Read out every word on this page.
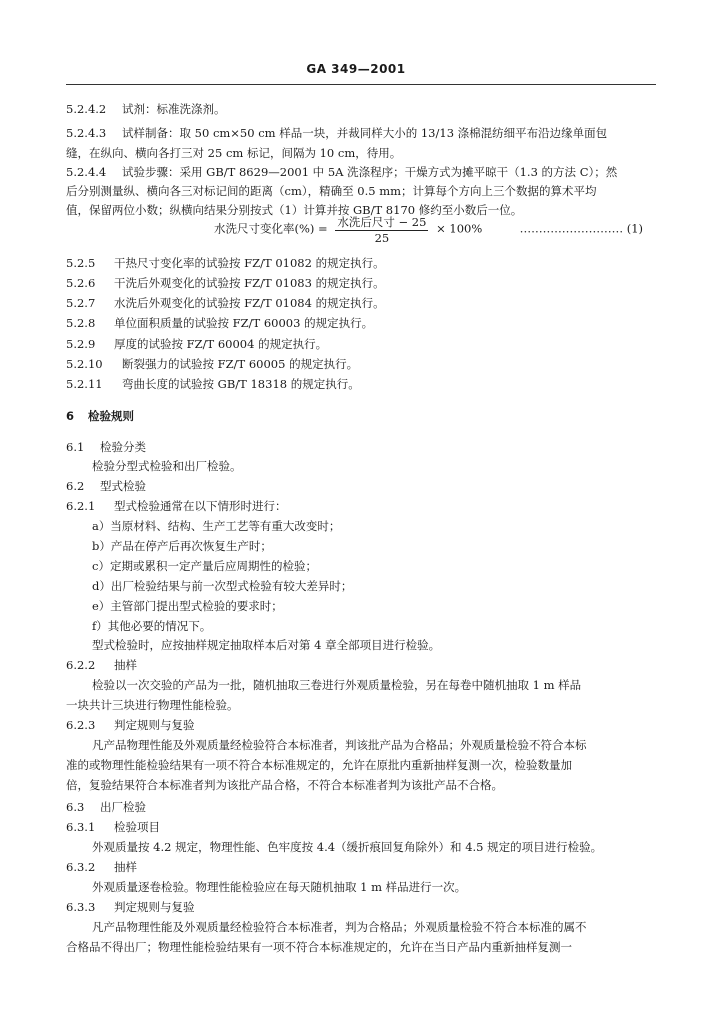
GA 349—2001
5.2.4.2 试剂：标准洗涤剂。
5.2.4.3 试样制备：取 50 cm×50 cm 样品一块，并裁同样大小的 13/13 涤棉混纺细平布沿边缘单面包
缝，在纵向、横向各打三对 25 cm 标记，间隔为 10 cm，待用。
5.2.4.4 试验步骤：采用 GB/T 8629—2001 中 5A 洗涤程序；干燥方式为摊平晾干（1.3 的方法 C）；然
后分别测量纵、横向各三对标记间的距离（cm），精确至 0.5 mm；计算每个方向上三个数据的算术平均
值，保留两位小数；纵横向结果分别按式（1）计算并按 GB/T 8170 修约至小数后一位。
5.2.5 干热尺寸变化率的试验按 FZ/T 01082 的规定执行。
5.2.6 干洗后外观变化的试验按 FZ/T 01083 的规定执行。
5.2.7 水洗后外观变化的试验按 FZ/T 01084 的规定执行。
5.2.8 单位面积质量的试验按 FZ/T 60003 的规定执行。
5.2.9 厚度的试验按 FZ/T 60004 的规定执行。
5.2.10 断裂强力的试验按 FZ/T 60005 的规定执行。
5.2.11 弯曲长度的试验按 GB/T 18318 的规定执行。
6 检验规则
6.1 检验分类
检验分型式检验和出厂检验。
6.2 型式检验
6.2.1 型式检验通常在以下情形时进行：
a）当原材料、结构、生产工艺等有重大改变时；
b）产品在停产后再次恢复生产时；
c）定期或累积一定产量后应周期性的检验；
d）出厂检验结果与前一次型式检验有较大差异时；
e）主管部门提出型式检验的要求时；
f）其他必要的情况下。
型式检验时，应按抽样规定抽取样本后对第 4 章全部项目进行检验。
6.2.2 抽样
检验以一次交验的产品为一批，随机抽取三卷进行外观质量检验，另在每卷中随机抽取 1 m 样品
一块共计三块进行物理性能检验。
6.2.3 判定规则与复验
凡产品物理性能及外观质量经检验符合本标准者，判该批产品为合格品；外观质量检验不符合本标
准的或物理性能检验结果有一项不符合本标准规定的，允许在原批内重新抽样复测一次，检验数量加
倍，复验结果符合本标准者判为该批产品合格，不符合本标准者判为该批产品不合格。
6.3 出厂检验
6.3.1 检验项目
外观质量按 4.2 规定，物理性能、色牢度按 4.4（缓折痕回复角除外）和 4.5 规定的项目进行检验。
6.3.2 抽样
外观质量逐卷检验。物理性能检验应在每天随机抽取 1 m 样品进行一次。
6.3.3 判定规则与复验
凡产品物理性能及外观质量经检验符合本标准者，判为合格品；外观质量检验不符合本标准的属不
合格品不得出厂；物理性能检验结果有一项不符合本标准规定的，允许在当日产品内重新抽样复测一
水洗尺寸变化率(%) = $\frac{\text{水洗后尺寸 − 25}}{25} \times 100\%$	……………………… (1)
